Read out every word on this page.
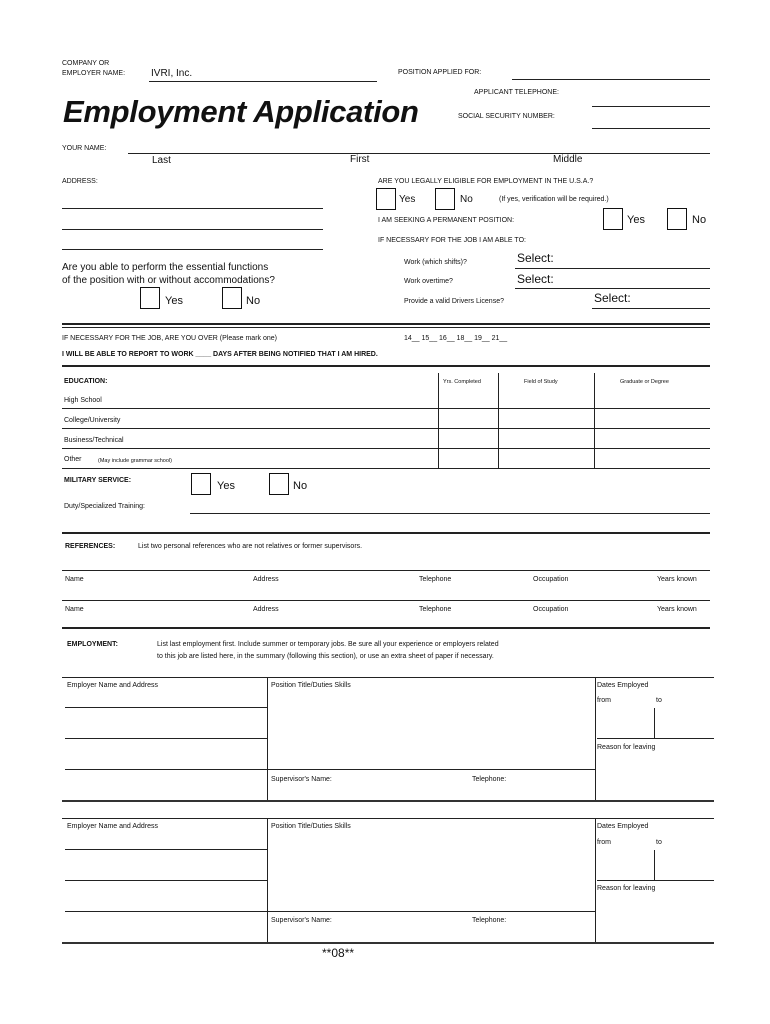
COMPANY OR
EMPLOYER NAME:	IVRI, Inc.	POSITION APPLIED FOR:
Employment Application
APPLICANT TELEPHONE:
SOCIAL SECURITY NUMBER:
YOUR NAME:
Last	First	Middle
ADDRESS:	ARE YOU LEGALLY ELIGIBLE FOR EMPLOYMENT IN THE U.S.A.?
Yes	No	(If yes, verification will be required.)
I AM SEEKING A PERMANENT POSITION:	Yes	No
IF NECESSARY FOR THE JOB I AM ABLE TO:
Work (which shifts)?	Select:
Work overtime?	Select:
Provide a valid Drivers License?	Select:
Are you able to perform the essential functions
of the position with or without accommodations?
Yes	No
IF NECESSARY FOR THE JOB, ARE YOU OVER (Please mark one)	14__ 15__ 16__ 18__ 19__ 21__
I WILL BE ABLE TO REPORT TO WORK ____ DAYS AFTER BEING NOTIFIED THAT I AM HIRED.
EDUCATION:	Yrs. Completed	Field of Study	Graduate or Degree
High School
College/University
Business/Technical
Other	(May include grammar school)
MILITARY SERVICE:	Yes	No
Duty/Specialized Training:
REFERENCES:	List two personal references who are not relatives or former supervisors.
Name	Address	Telephone	Occupation	Years known
Name	Address	Telephone	Occupation	Years known
EMPLOYMENT:	List last employment first. Include summer or temporary jobs. Be sure all your experience or employers related
to this job are listed here, in the summary (following this section), or use an extra sheet of paper if necessary.
Employer Name and Address	Position Title/Duties Skills	Dates Employed
from	to
Reason for leaving
Supervisor's Name:	Telephone:
Employer Name and Address	Position Title/Duties Skills	Dates Employed
from	to
Reason for leaving
Supervisor's Name:	Telephone:
**08**
